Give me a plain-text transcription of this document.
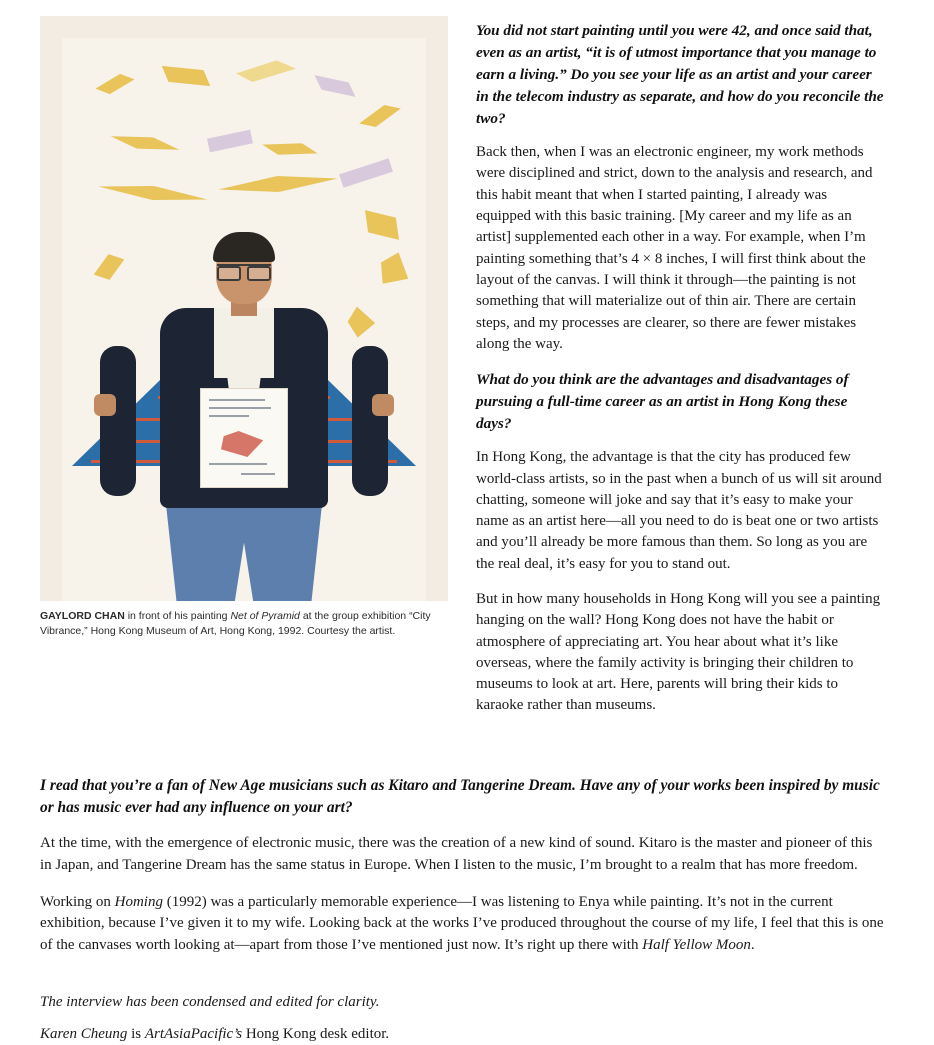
GAYLORD CHAN in front of his painting Net of Pyramid at the group exhibition “City Vibrance,” Hong Kong Museum of Art, Hong Kong, 1992. Courtesy the artist.

You did not start painting until you were 42, and once said that, even as an artist, “it is of utmost importance that you manage to earn a living.” Do you see your life as an artist and your career in the telecom industry as separate, and how do you reconcile the two?

Back then, when I was an electronic engineer, my work methods were disciplined and strict, down to the analysis and research, and this habit meant that when I started painting, I already was equipped with this basic training. [My career and my life as an artist] supplemented each other in a way. For example, when I’m painting something that’s 4 × 8 inches, I will first think about the layout of the canvas. I will think it through—the painting is not something that will materialize out of thin air. There are certain steps, and my processes are clearer, so there are fewer mistakes along the way.

What do you think are the advantages and disadvantages of pursuing a full-time career as an artist in Hong Kong these days?

In Hong Kong, the advantage is that the city has produced few world-class artists, so in the past when a bunch of us will sit around chatting, someone will joke and say that it’s easy to make your name as an artist here—all you need to do is beat one or two artists and you’ll already be more famous than them. So long as you are the real deal, it’s easy for you to stand out.

But in how many households in Hong Kong will you see a painting hanging on the wall? Hong Kong does not have the habit or atmosphere of appreciating art. You hear about what it’s like overseas, where the family activity is bringing their children to museums to look at art. Here, parents will bring their kids to karaoke rather than museums.

I read that you’re a fan of New Age musicians such as Kitaro and Tangerine Dream. Have any of your works been inspired by music or has music ever had any influence on your art?

At the time, with the emergence of electronic music, there was the creation of a new kind of sound. Kitaro is the master and pioneer of this in Japan, and Tangerine Dream has the same status in Europe. When I listen to the music, I’m brought to a realm that has more freedom.

Working on Homing (1992) was a particularly memorable experience—I was listening to Enya while painting. It’s not in the current exhibition, because I’ve given it to my wife. Looking back at the works I’ve produced throughout the course of my life, I feel that this is one of the canvases worth looking at—apart from those I’ve mentioned just now. It’s right up there with Half Yellow Moon.

The interview has been condensed and edited for clarity.

Karen Cheung is ArtAsiaPacific’s Hong Kong desk editor.
